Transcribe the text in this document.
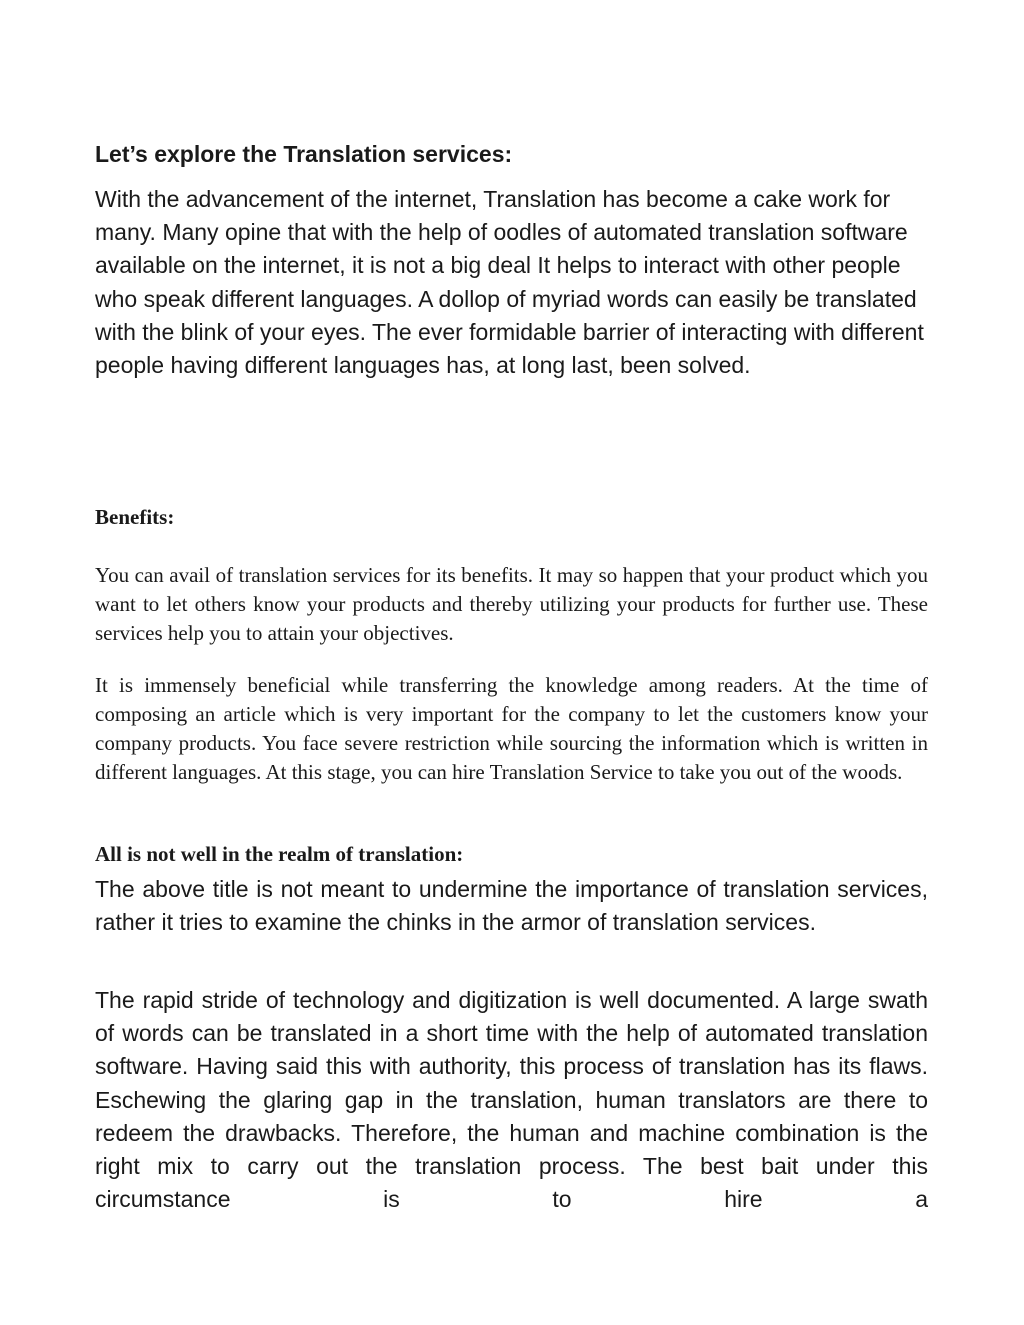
Let’s explore the Translation services:

With the advancement of the internet, Translation has become a cake work for many. Many opine that with the help of oodles of automated translation software available on the internet, it is not a big deal It helps to interact with other people who speak different languages. A dollop of myriad words can easily be translated with the blink of your eyes. The ever formidable barrier of interacting with different people having different languages has, at long last, been solved.

Benefits:

You can avail of translation services for its benefits. It may so happen that your product which you want to let others know your products and thereby utilizing your products for further use. These services help you to attain your objectives.

It is immensely beneficial while transferring the knowledge among readers. At the time of composing an article which is very important for the company to let the customers know your company products. You face severe restriction while sourcing the information which is written in different languages. At this stage, you can hire Translation Service to take you out of the woods.

All is not well in the realm of translation:

The above title is not meant to undermine the importance of translation services, rather it tries to examine the chinks in the armor of translation services.

The rapid stride of technology and digitization is well documented. A large swath of words can be translated in a short time with the help of automated translation software. Having said this with authority, this process of translation has its flaws. Eschewing the glaring gap in the translation, human translators are there to redeem the drawbacks. Therefore, the human and machine combination is the right mix to carry out the translation process. The best bait under this circumstance is to hire a
